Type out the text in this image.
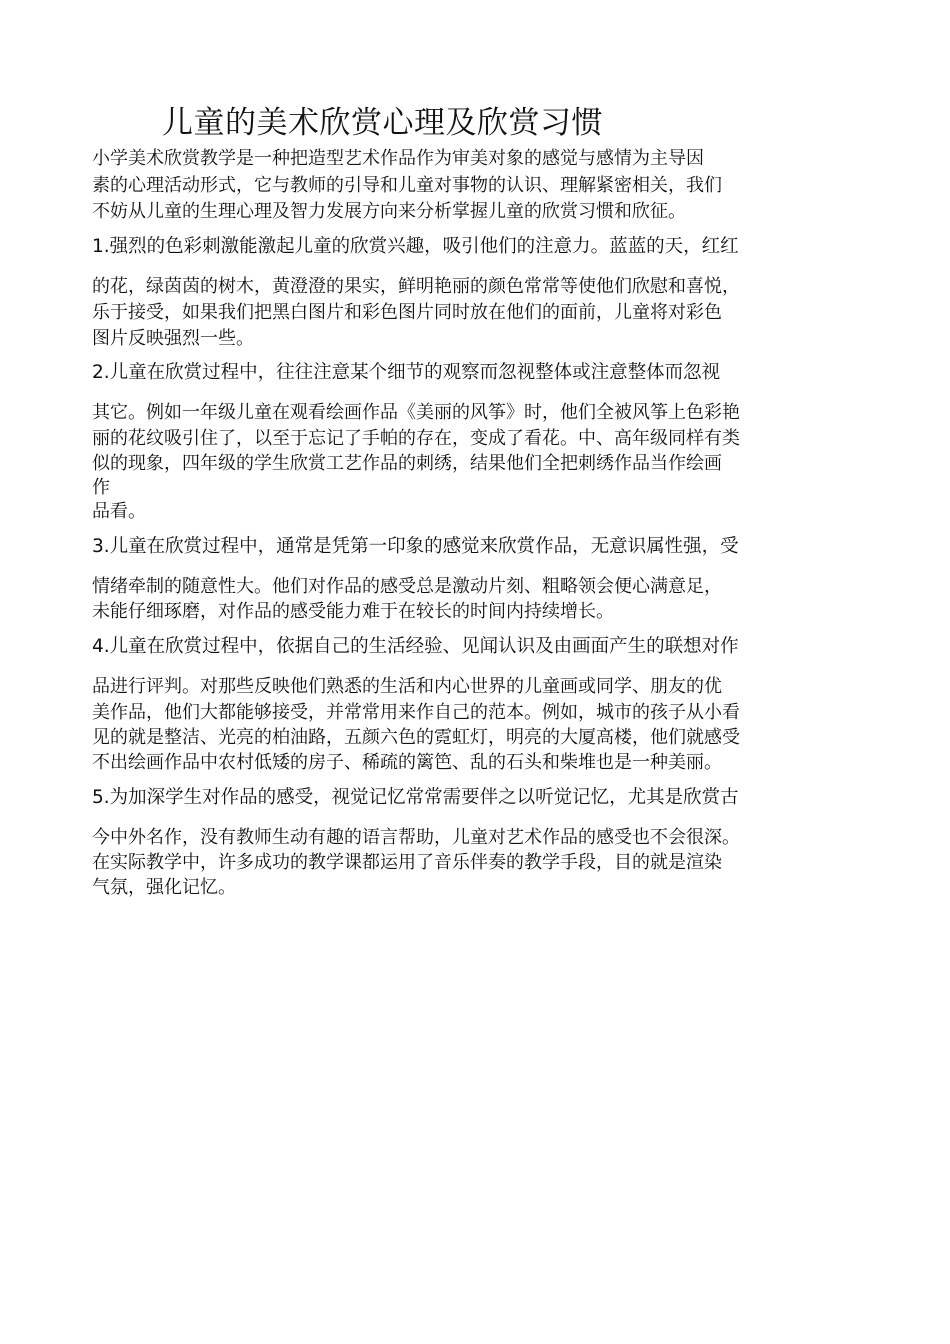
儿童的美术欣赏心理及欣赏习惯

小学美术欣赏教学是一种把造型艺术作品作为审美对象的感觉与感情为主导因

素的心理活动形式，它与教师的引导和儿童对事物的认识、理解紧密相关，我们

不妨从儿童的生理心理及智力发展方向来分析掌握儿童的欣赏习惯和欣征。

1.强烈的色彩刺激能激起儿童的欣赏兴趣，吸引他们的注意力。蓝蓝的天，红红

的花，绿茵茵的树木，黄澄澄的果实，鲜明艳丽的颜色常常等使他们欣慰和喜悦，

乐于接受，如果我们把黑白图片和彩色图片同时放在他们的面前，儿童将对彩色

图片反映强烈一些。

2.儿童在欣赏过程中，往往注意某个细节的观察而忽视整体或注意整体而忽视

其它。例如一年级儿童在观看绘画作品《美丽的风筝》时，他们全被风筝上色彩艳

丽的花纹吸引住了，以至于忘记了手帕的存在，变成了看花。中、高年级同样有类

似的现象，四年级的学生欣赏工艺作品的刺绣，结果他们全把刺绣作品当作绘画

作

品看。

3.儿童在欣赏过程中，通常是凭第一印象的感觉来欣赏作品，无意识属性强，受

情绪牵制的随意性大。他们对作品的感受总是激动片刻、粗略领会便心满意足，

未能仔细琢磨，对作品的感受能力难于在较长的时间内持续增长。

4.儿童在欣赏过程中，依据自己的生活经验、见闻认识及由画面产生的联想对作

品进行评判。对那些反映他们熟悉的生活和内心世界的儿童画或同学、朋友的优

美作品，他们大都能够接受，并常常用来作自己的范本。例如，城市的孩子从小看

见的就是整洁、光亮的柏油路，五颜六色的霓虹灯，明亮的大厦高楼，他们就感受

不出绘画作品中农村低矮的房子、稀疏的篱笆、乱的石头和柴堆也是一种美丽。

5.为加深学生对作品的感受，视觉记忆常常需要伴之以听觉记忆，尤其是欣赏古

今中外名作，没有教师生动有趣的语言帮助，儿童对艺术作品的感受也不会很深。

在实际教学中，许多成功的教学课都运用了音乐伴奏的教学手段，目的就是渲染

气氛，强化记忆。
